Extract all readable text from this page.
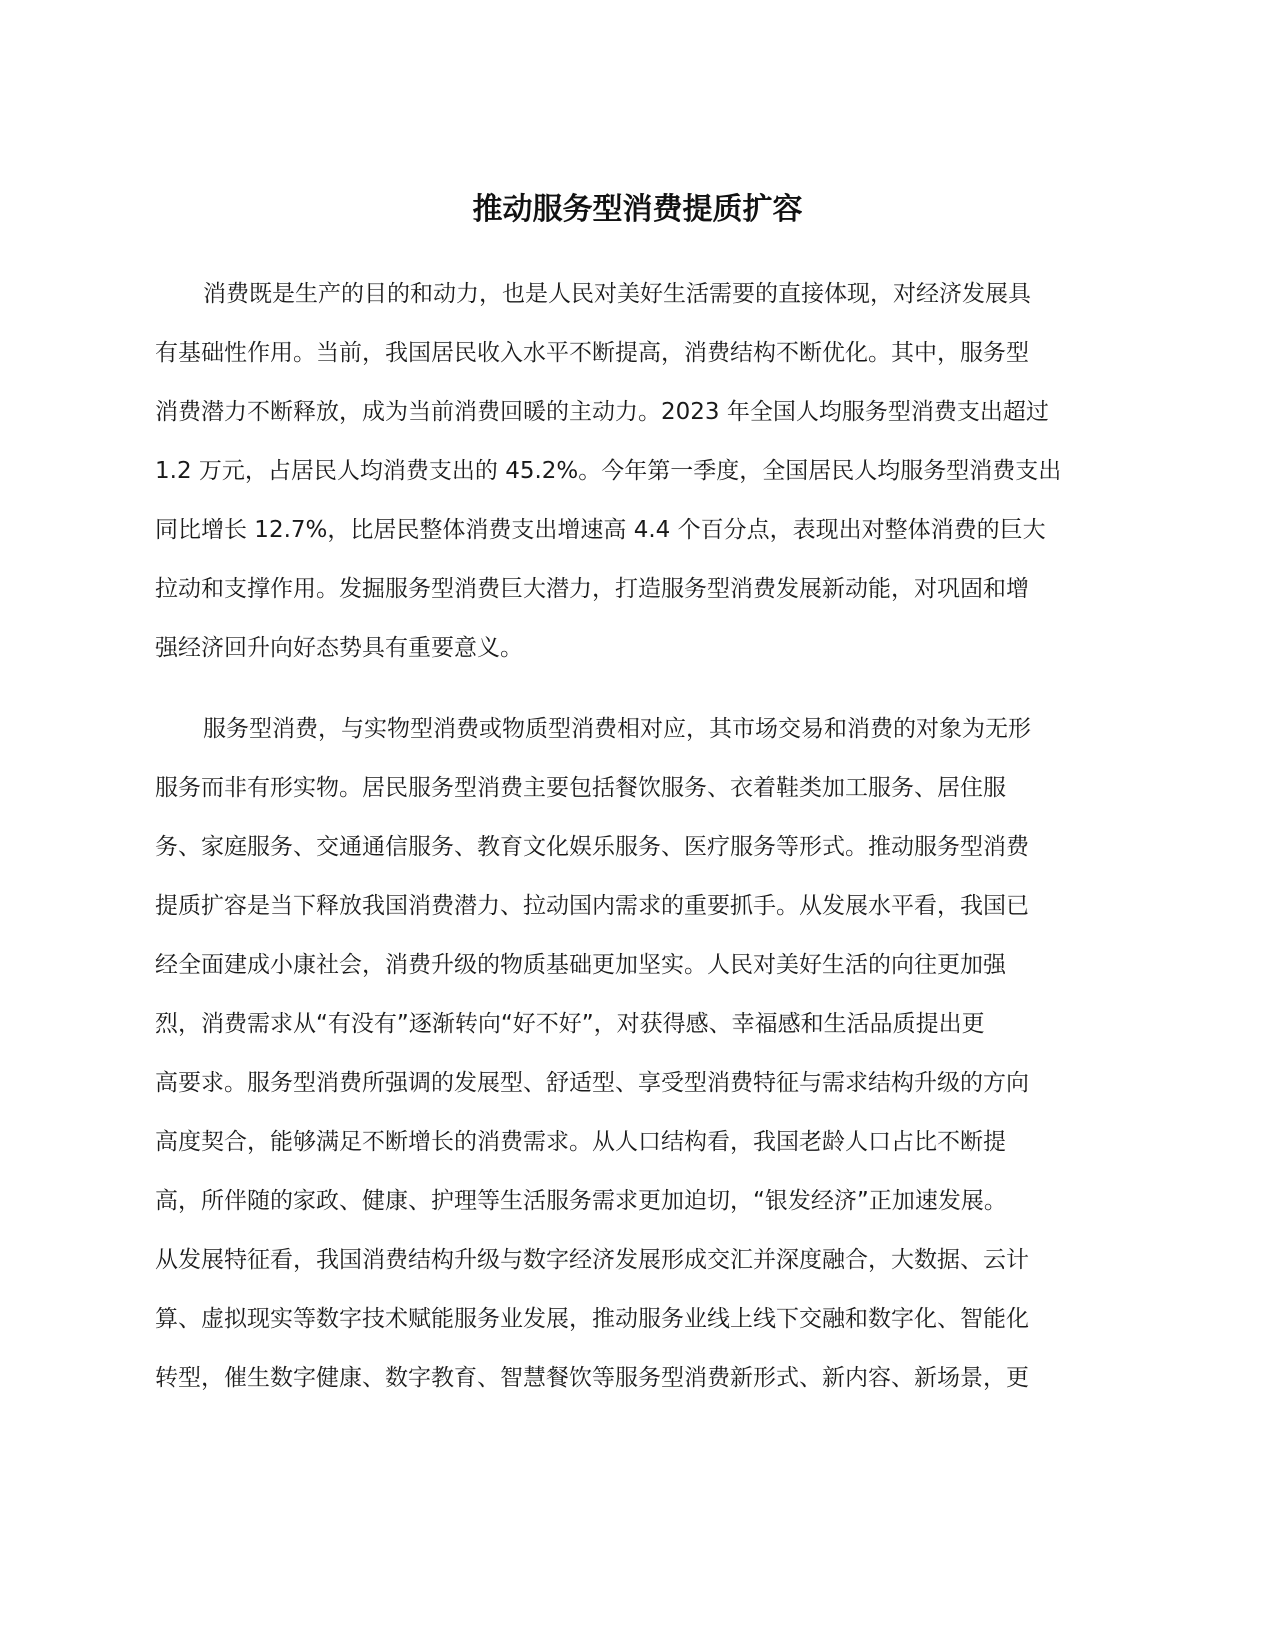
推动服务型消费提质扩容
消费既是生产的目的和动力，也是人民对美好生活需要的直接体现，对经济发展具
有基础性作用。当前，我国居民收入水平不断提高，消费结构不断优化。其中，服务型
消费潜力不断释放，成为当前消费回暖的主动力。2023 年全国人均服务型消费支出超过
1.2 万元，占居民人均消费支出的 45.2%。今年第一季度，全国居民人均服务型消费支出
同比增长 12.7%，比居民整体消费支出增速高 4.4 个百分点，表现出对整体消费的巨大
拉动和支撑作用。发掘服务型消费巨大潜力，打造服务型消费发展新动能，对巩固和增
强经济回升向好态势具有重要意义。
服务型消费，与实物型消费或物质型消费相对应，其市场交易和消费的对象为无形
服务而非有形实物。居民服务型消费主要包括餐饮服务、衣着鞋类加工服务、居住服
务、家庭服务、交通通信服务、教育文化娱乐服务、医疗服务等形式。推动服务型消费
提质扩容是当下释放我国消费潜力、拉动国内需求的重要抓手。从发展水平看，我国已
经全面建成小康社会，消费升级的物质基础更加坚实。人民对美好生活的向往更加强
烈，消费需求从“有没有”逐渐转向“好不好”，对获得感、幸福感和生活品质提出更
高要求。服务型消费所强调的发展型、舒适型、享受型消费特征与需求结构升级的方向
高度契合，能够满足不断增长的消费需求。从人口结构看，我国老龄人口占比不断提
高，所伴随的家政、健康、护理等生活服务需求更加迫切，“银发经济”正加速发展。
从发展特征看，我国消费结构升级与数字经济发展形成交汇并深度融合，大数据、云计
算、虚拟现实等数字技术赋能服务业发展，推动服务业线上线下交融和数字化、智能化
转型，催生数字健康、数字教育、智慧餐饮等服务型消费新形式、新内容、新场景，更
